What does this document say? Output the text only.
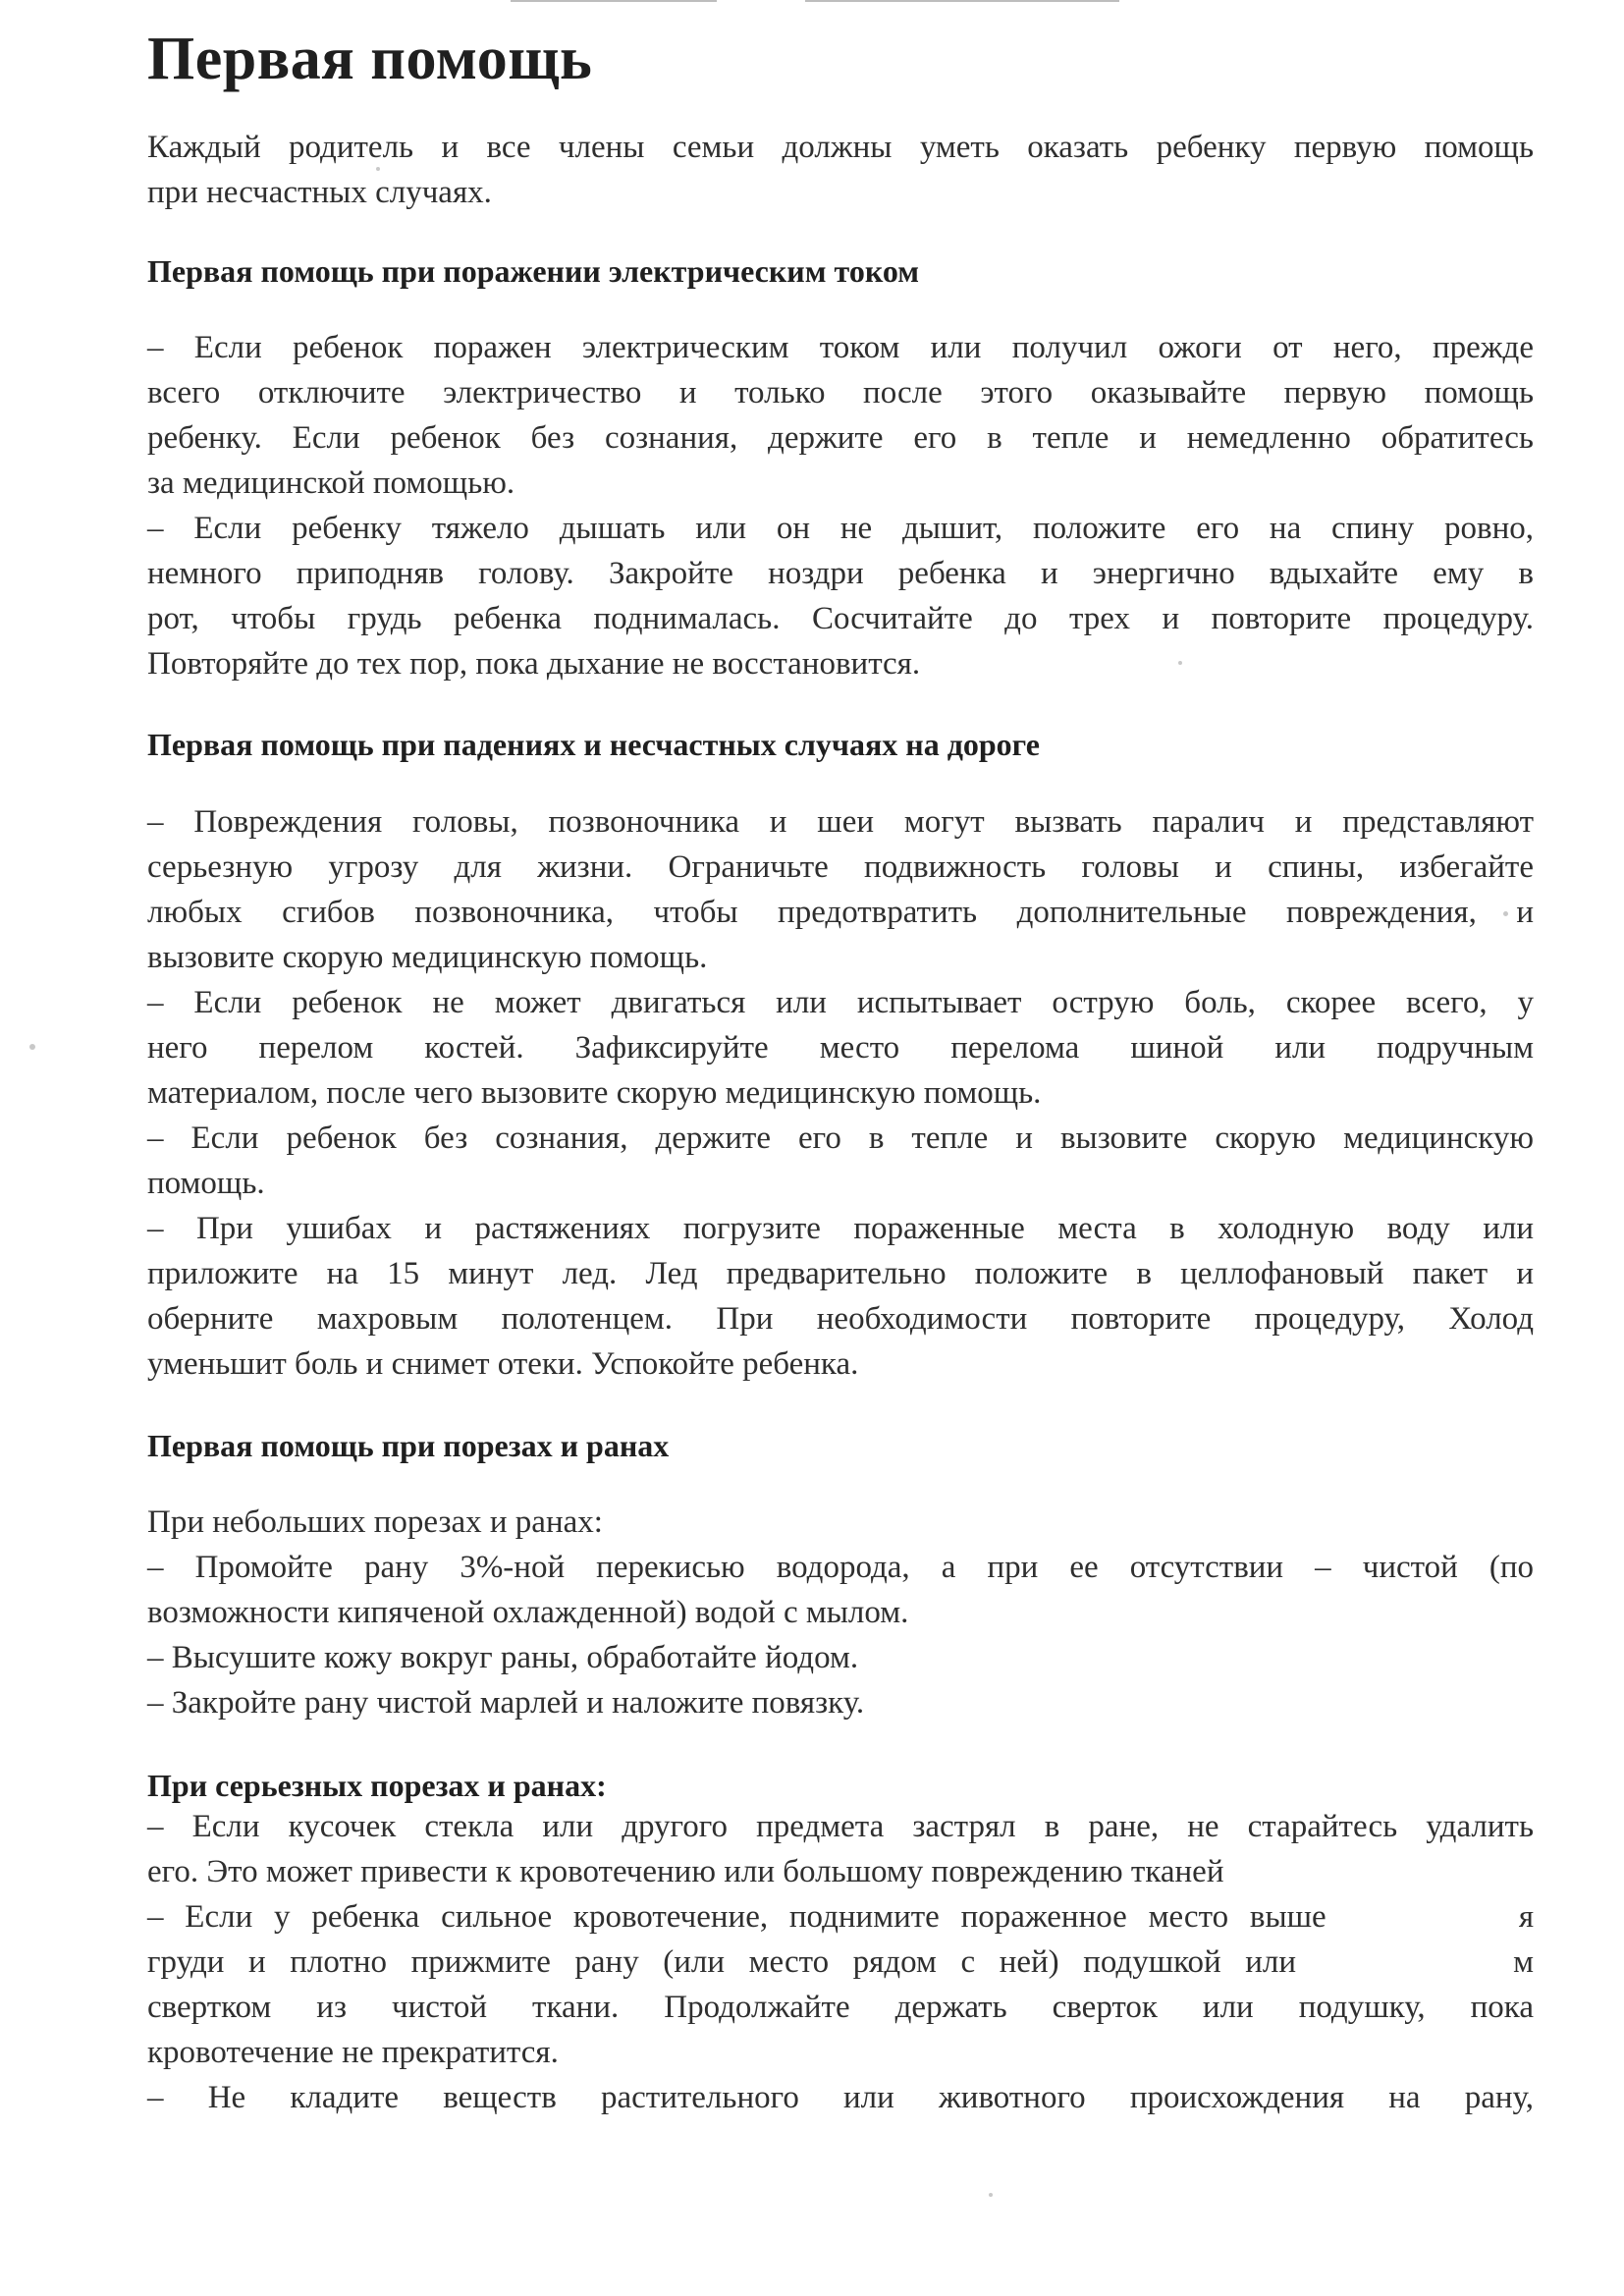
Первая помощь
Каждый родитель и все члены семьи должны уметь оказать ребенку первую помощь
при несчастных случаях.
Первая помощь при поражении электрическим током
– Если ребенок поражен электрическим током или получил ожоги от него, прежде
всего отключите электричество и только после этого оказывайте первую помощь
ребенку. Если ребенок без сознания, держите его в тепле и немедленно обратитесь
за медицинской помощью.
– Если ребенку тяжело дышать или он не дышит, положите его на спину ровно,
немного приподняв голову. Закройте ноздри ребенка и энергично вдыхайте ему в
рот, чтобы грудь ребенка поднималась. Сосчитайте до трех и повторите процедуру.
Повторяйте до тех пор, пока дыхание не восстановится.
Первая помощь при падениях и несчастных случаях на дороге
– Повреждения головы, позвоночника и шеи могут вызвать паралич и представляют
серьезную угрозу для жизни. Ограничьте подвижность головы и спины, избегайте
любых сгибов позвоночника, чтобы предотвратить дополнительные повреждения, и
вызовите скорую медицинскую помощь.
– Если ребенок не может двигаться или испытывает острую боль, скорее всего, у
него перелом костей. Зафиксируйте место перелома шиной или подручным
материалом, после чего вызовите скорую медицинскую помощь.
– Если ребенок без сознания, держите его в тепле и вызовите скорую медицинскую
помощь.
– При ушибах и растяжениях погрузите пораженные места в холодную воду или
приложите на 15 минут лед. Лед предварительно положите в целлофановый пакет и
оберните махровым полотенцем. При необходимости повторите процедуру, Холод
уменьшит боль и снимет отеки. Успокойте ребенка.
Первая помощь при порезах и ранах
При небольших порезах и ранах:
– Промойте рану 3%-ной перекисью водорода, а при ее отсутствии – чистой (по
возможности кипяченой охлажденной) водой с мылом.
– Высушите кожу вокруг раны, обработайте йодом.
– Закройте рану чистой марлей и наложите повязку.
При серьезных порезах и ранах:
– Если кусочек стекла или другого предмета застрял в ране, не старайтесь удалить
его. Это может привести к кровотечению или большому повреждению тканей
– Если у ребенка сильное кровотечение, поднимите пораженное место выше         я
груди и плотно прижмите рану (или место рядом с ней) подушкой или         м
свертком из чистой ткани. Продолжайте держать сверток или подушку, пока
кровотечение не прекратится.
– Не кладите веществ растительного или животного происхождения на рану,
